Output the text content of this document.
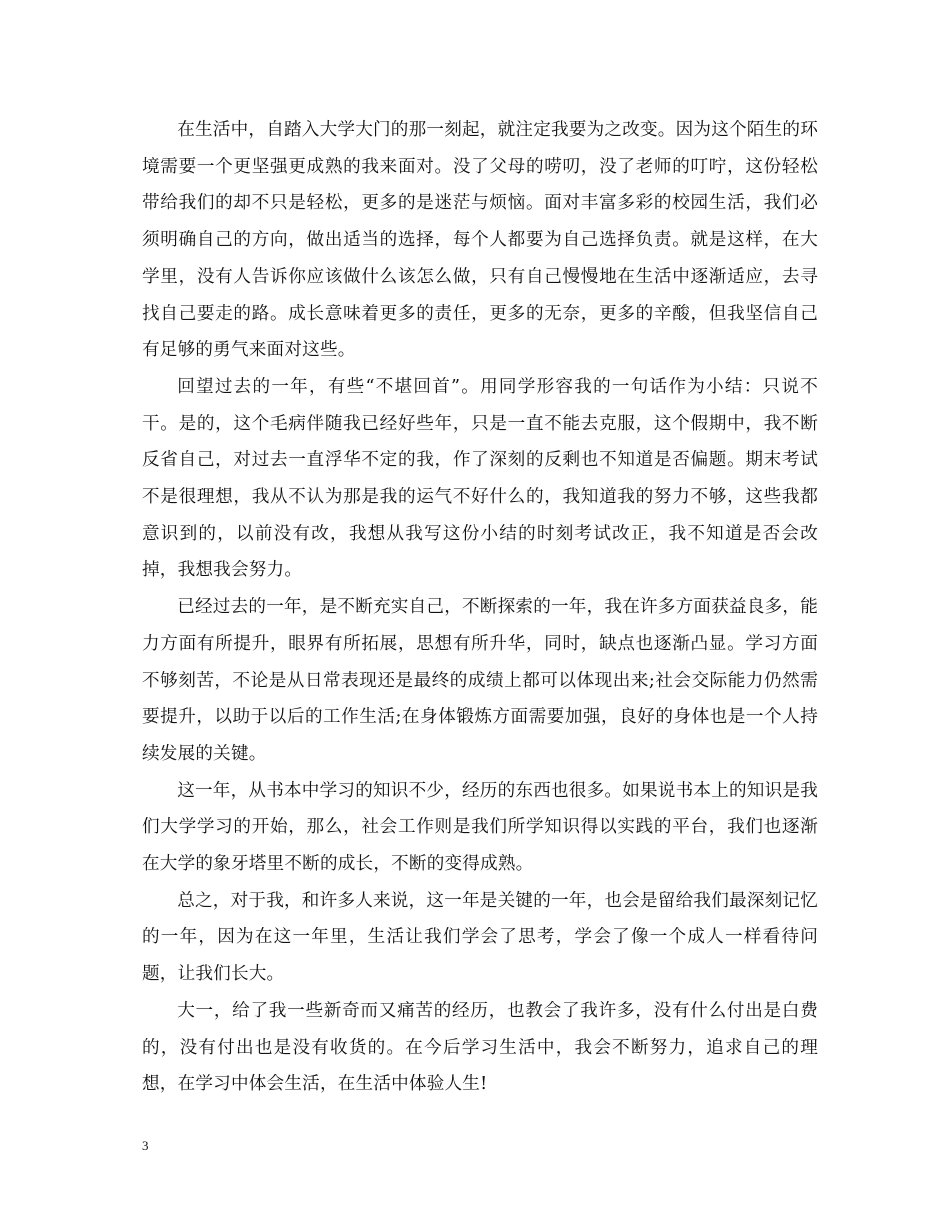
在生活中，自踏入大学大门的那一刻起，就注定我要为之改变。因为这个陌生的环境需要一个更坚强更成熟的我来面对。没了父母的唠叨，没了老师的叮咛，这份轻松带给我们的却不只是轻松，更多的是迷茫与烦恼。面对丰富多彩的校园生活，我们必须明确自己的方向，做出适当的选择，每个人都要为自己选择负责。就是这样，在大学里，没有人告诉你应该做什么该怎么做，只有自己慢慢地在生活中逐渐适应，去寻找自己要走的路。成长意味着更多的责任，更多的无奈，更多的辛酸，但我坚信自己有足够的勇气来面对这些。

回望过去的一年，有些“不堪回首”。用同学形容我的一句话作为小结：只说不干。是的，这个毛病伴随我已经好些年，只是一直不能去克服，这个假期中，我不断反省自己，对过去一直浮华不定的我，作了深刻的反剩也不知道是否偏题。期末考试不是很理想，我从不认为那是我的运气不好什么的，我知道我的努力不够，这些我都意识到的，以前没有改，我想从我写这份小结的时刻考试改正，我不知道是否会改掉，我想我会努力。

已经过去的一年，是不断充实自己，不断探索的一年，我在许多方面获益良多，能力方面有所提升，眼界有所拓展，思想有所升华，同时，缺点也逐渐凸显。学习方面不够刻苦，不论是从日常表现还是最终的成绩上都可以体现出来;社会交际能力仍然需要提升，以助于以后的工作生活;在身体锻炼方面需要加强，良好的身体也是一个人持续发展的关键。

这一年，从书本中学习的知识不少，经历的东西也很多。如果说书本上的知识是我们大学学习的开始，那么，社会工作则是我们所学知识得以实践的平台，我们也逐渐在大学的象牙塔里不断的成长，不断的变得成熟。

总之，对于我，和许多人来说，这一年是关键的一年，也会是留给我们最深刻记忆的一年，因为在这一年里，生活让我们学会了思考，学会了像一个成人一样看待问题，让我们长大。

大一，给了我一些新奇而又痛苦的经历，也教会了我许多，没有什么付出是白费的，没有付出也是没有收货的。在今后学习生活中，我会不断努力，追求自己的理想，在学习中体会生活，在生活中体验人生!

3
